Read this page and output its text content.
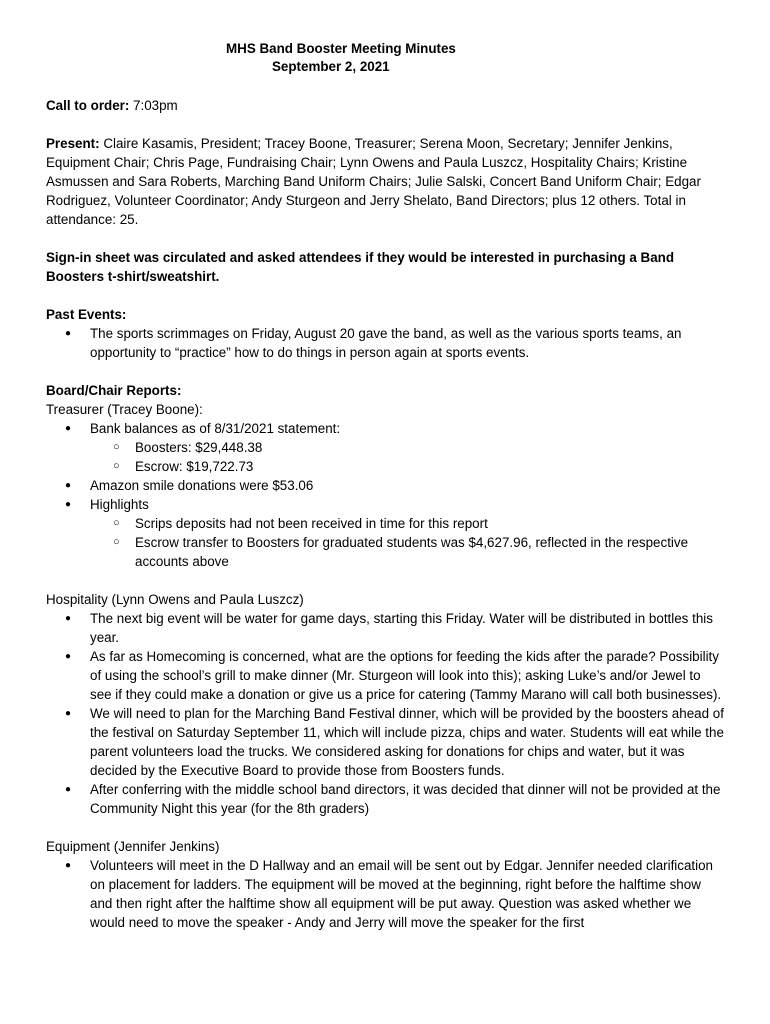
MHS Band Booster Meeting Minutes
September 2, 2021

Call to order: 7:03pm

Present: Claire Kasamis, President; Tracey Boone, Treasurer; Serena Moon, Secretary; Jennifer Jenkins, Equipment Chair; Chris Page, Fundraising Chair; Lynn Owens and Paula Luszcz, Hospitality Chairs; Kristine Asmussen and Sara Roberts, Marching Band Uniform Chairs; Julie Salski, Concert Band Uniform Chair; Edgar Rodriguez, Volunteer Coordinator; Andy Sturgeon and Jerry Shelato, Band Directors; plus 12 others. Total in attendance: 25.

Sign-in sheet was circulated and asked attendees if they would be interested in purchasing a Band Boosters t-shirt/sweatshirt.

Past Events:

● The sports scrimmages on Friday, August 20 gave the band, as well as the various sports teams, an opportunity to “practice” how to do things in person again at sports events.

Board/Chair Reports:

Treasurer (Tracey Boone):

● Bank balances as of 8/31/2021 statement:
○ Boosters: $29,448.38
○ Escrow: $19,722.73
● Amazon smile donations were $53.06
● Highlights
○ Scrips deposits had not been received in time for this report
○ Escrow transfer to Boosters for graduated students was $4,627.96, reflected in the respective accounts above

Hospitality (Lynn Owens and Paula Luszcz)

● The next big event will be water for game days, starting this Friday. Water will be distributed in bottles this year.
● As far as Homecoming is concerned, what are the options for feeding the kids after the parade? Possibility of using the school’s grill to make dinner (Mr. Sturgeon will look into this); asking Luke’s and/or Jewel to see if they could make a donation or give us a price for catering (Tammy Marano will call both businesses).
● We will need to plan for the Marching Band Festival dinner, which will be provided by the boosters ahead of the festival on Saturday September 11, which will include pizza, chips and water. Students will eat while the parent volunteers load the trucks. We considered asking for donations for chips and water, but it was decided by the Executive Board to provide those from Boosters funds.
● After conferring with the middle school band directors, it was decided that dinner will not be provided at the Community Night this year (for the 8th graders)

Equipment (Jennifer Jenkins)

● Volunteers will meet in the D Hallway and an email will be sent out by Edgar. Jennifer needed clarification on placement for ladders. The equipment will be moved at the beginning, right before the halftime show and then right after the halftime show all equipment will be put away. Question was asked whether we would need to move the speaker - Andy and Jerry will move the speaker for the first
